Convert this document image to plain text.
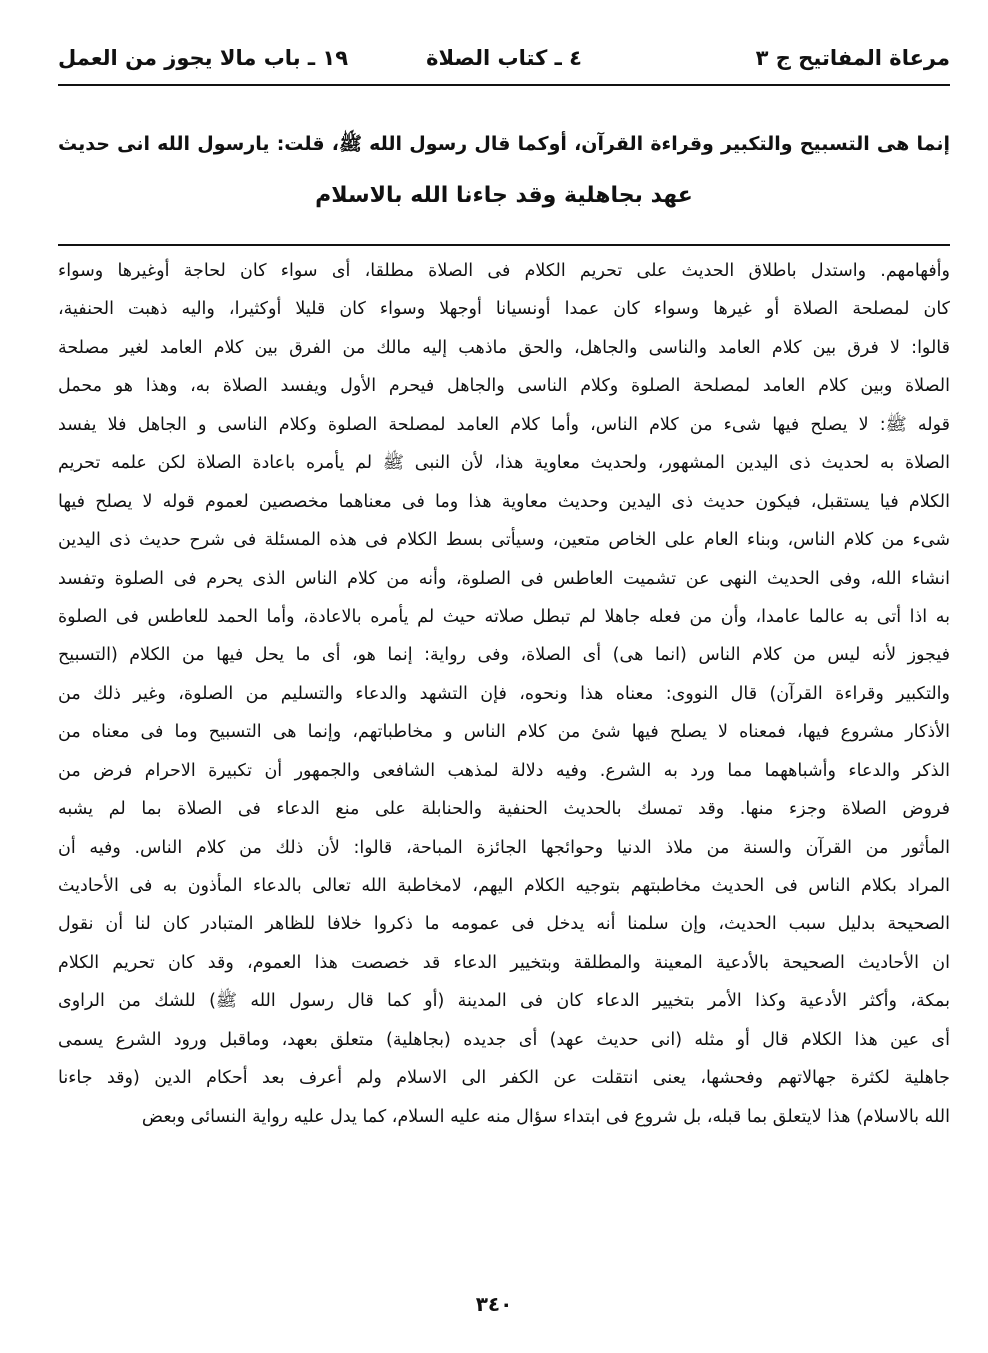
مرعاة المفاتيح ج ٣
٤ ـ كتاب الصلاة
١٩ ـ باب مالا يجوز من العمل
إنما هى التسبيح والتكبير وقراءة القرآن، أوكما قال رسول الله ﷺ، قلت: يارسول الله انى حديث
عهد بجاهلية وقد جاءنا الله بالاسلام
وأفهامهم. واستدل باطلاق الحديث على تحريم الكلام فى الصلاة مطلقا، أى سواء كان لحاجة أوغيرها وسواء
كان لمصلحة الصلاة أو غيرها وسواء كان عمدا أونسيانا أوجهلا وسواء كان قليلا أوكثيرا، واليه ذهبت الحنفية،
قالوا: لا فرق بين كلام العامد والناسى والجاهل، والحق ماذهب إليه مالك من الفرق بين كلام العامد لغير مصلحة
الصلاة وبين كلام العامد لمصلحة الصلوة وكلام الناسى والجاهل فيحرم الأول ويفسد الصلاة به، وهذا هو محمل
قوله ﷺ: لا يصلح فيها شىء من كلام الناس، وأما كلام العامد لمصلحة الصلوة وكلام الناسى و الجاهل فلا يفسد
الصلاة به لحديث ذى اليدين المشهور، ولحديث معاوية هذا، لأن النبى ﷺ لم يأمره باعادة الصلاة لكن علمه تحريم
الكلام فيا يستقبل، فيكون حديث ذى اليدين وحديث معاوية هذا وما فى معناهما مخصصين لعموم قوله لا يصلح فيها
شىء من كلام الناس، وبناء العام على الخاص متعين، وسيأتى بسط الكلام فى هذه المسئلة فى شرح حديث ذى اليدين
انشاء الله، وفى الحديث النهى عن تشميت العاطس فى الصلوة، وأنه من كلام الناس الذى يحرم فى الصلوة وتفسد
به اذا أتى به عالما عامدا، وأن من فعله جاهلا لم تبطل صلاته حيث لم يأمره بالاعادة، وأما الحمد للعاطس فى الصلوة
فيجوز لأنه ليس من كلام الناس (انما هى) أى الصلاة، وفى رواية: إنما هو، أى ما يحل فيها من الكلام (التسبيح
والتكبير وقراءة القرآن) قال النووى: معناه هذا ونحوه، فإن التشهد والدعاء والتسليم من الصلوة، وغير ذلك من
الأذكار مشروع فيها، فمعناه لا يصلح فيها شئ من كلام الناس و مخاطباتهم، وإنما هى التسبيح وما فى معناه من
الذكر والدعاء وأشباههما مما ورد به الشرع. وفيه دلالة لمذهب الشافعى والجمهور أن تكبيرة الاحرام فرض من
فروض الصلاة وجزء منها. وقد تمسك بالحديث الحنفية والحنابلة على منع الدعاء فى الصلاة بما لم يشبه
المأثور من القرآن والسنة من ملاذ الدنيا وحوائجها الجائزة المباحة، قالوا: لأن ذلك من كلام الناس. وفيه أن
المراد بكلام الناس فى الحديث مخاطبتهم بتوجيه الكلام اليهم، لامخاطبة الله تعالى بالدعاء المأذون به فى الأحاديث
الصحيحة بدليل سبب الحديث، وإن سلمنا أنه يدخل فى عمومه ما ذكروا خلافا للظاهر المتبادر كان لنا أن نقول
ان الأحاديث الصحيحة بالأدعية المعينة والمطلقة وبتخيير الدعاء قد خصصت هذا العموم، وقد كان تحريم الكلام
بمكة، وأكثر الأدعية وكذا الأمر بتخيير الدعاء كان فى المدينة (أو كما قال رسول الله ﷺ) للشك من الراوى
أى عين هذا الكلام قال أو مثله (انى حديث عهد) أى جديده (بجاهلية) متعلق بعهد، وماقبل ورود الشرع يسمى
جاهلية لكثرة جهالاتهم وفحشها، يعنى انتقلت عن الكفر الى الاسلام ولم أعرف بعد أحكام الدين (وقد جاءنا
الله بالاسلام) هذا لايتعلق بما قبله، بل شروع فى ابتداء سؤال منه عليه السلام، كما يدل عليه رواية النسائى وبعض
٣٤٠
